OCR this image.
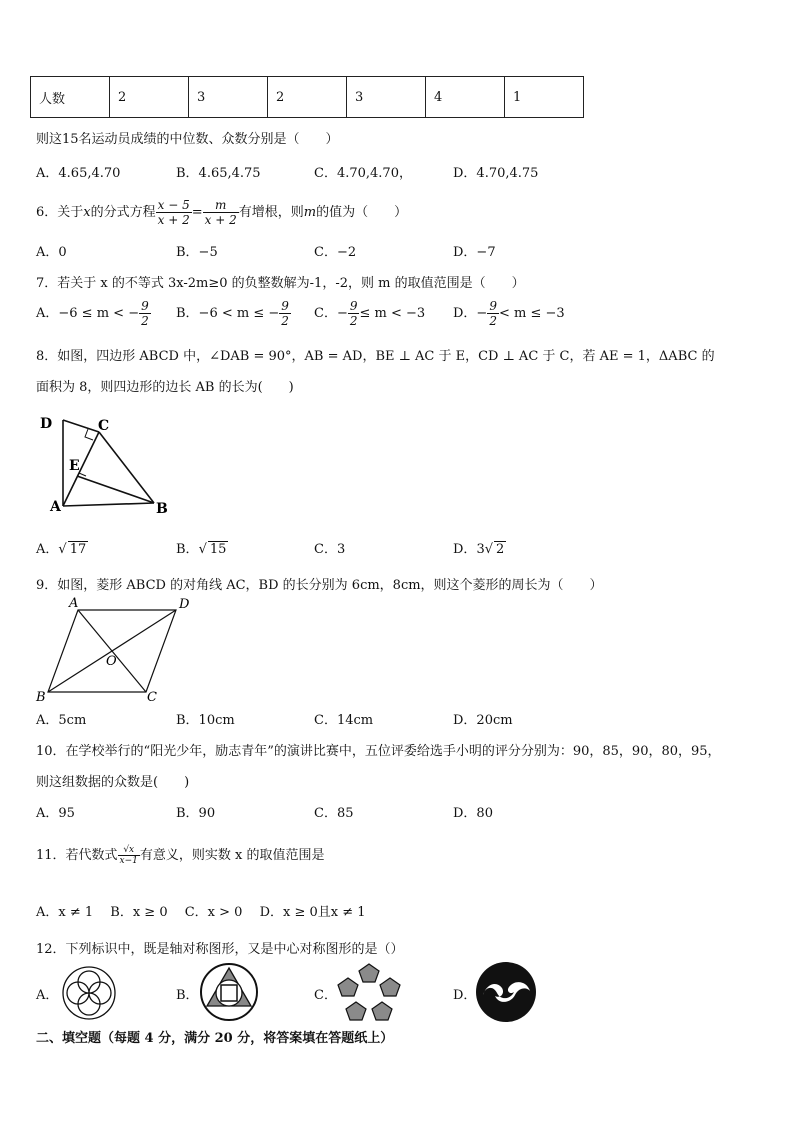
人数	2	3	2	3	4	1
则这15名运动员成绩的中位数、众数分别是（　　）
A．4.65,4.70	B．4.65,4.75	C．4.70,4.70，	D．4.70,4.75
6．关于x的分式方程 $\frac{x - 5}{x + 2} = \frac{m}{x + 2}$ 有增根，则m的值为（　　）
A．0	B．−5	C．−2	D．−7
7．若关于 x 的不等式 3x-2m≥0 的负整数解为-1，-2，则 m 的取值范围是（　　）
A．−6 ≤ m < − $\frac{9}{2}$ B．−6 < m ≤ − $\frac{9}{2}$ C．− $\frac{9}{2} \le m < -3$ D．− $\frac{9}{2} < m \le -3$
8．如图，四边形 ABCD 中，∠DAB = 90°，AB = AD，BE ⊥ AC 于 E，CD ⊥ AC 于 C，若 AE = 1，ΔABC 的
面积为 8，则四边形的边长 AB 的长为(　　)
D	C
E
A	B
A．√ 17	B．√ 15	C．3	D．3√ 2
9．如图，菱形 ABCD 的对角线 AC，BD 的长分别为 6cm，8cm，则这个菱形的周长为（　　）
A	D
O
B	C
A．5cm	B．10cm	C．14cm	D．20cm
10．在学校举行的“阳光少年，励志青年”的演讲比赛中，五位评委给选手小明的评分分别为：90，85，90，80，95，
则这组数据的众数是(　　)
A．95	B．90	C．85	D．80
11．若代数式 $\frac{√x}{x-1}$ 有意义，则实数 x 的取值范围是
A．x ≠ 1　 B．x ≥ 0　 C．x > 0　 D．x ≥ 0且x ≠ 1
12．下列标识中，既是轴对称图形，又是中心对称图形的是（）
A．	B．	C．	D．
二、填空题（每题 4 分，满分 20 分，将答案填在答题纸上）
